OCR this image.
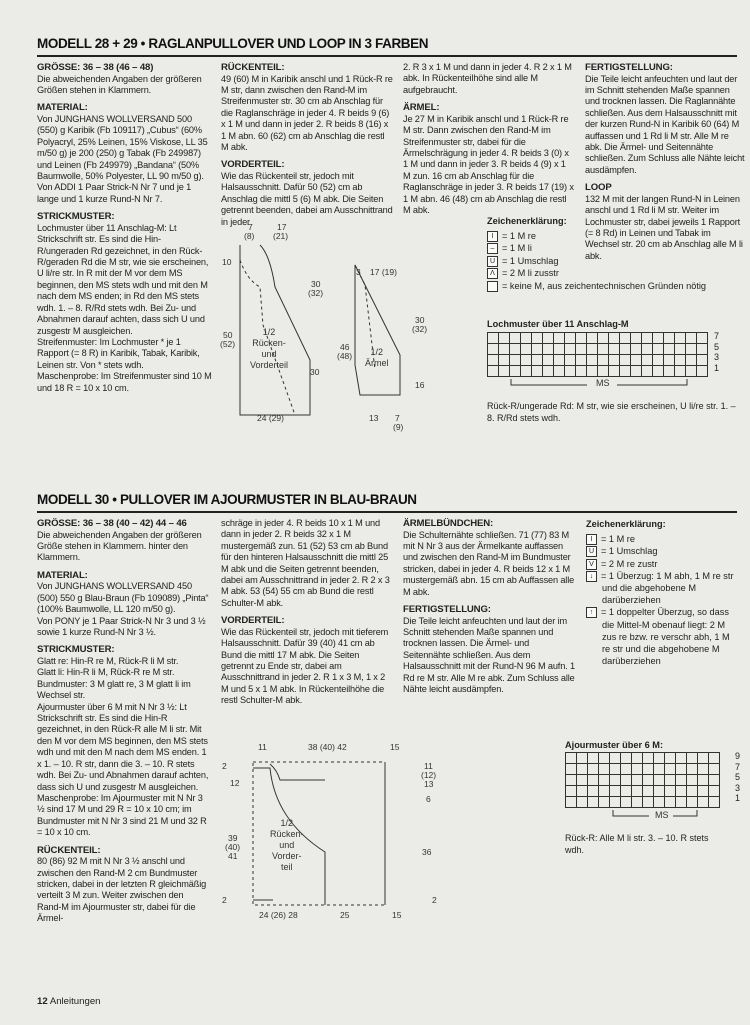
MODELL 28 + 29 • RAGLANPULLOVER UND LOOP IN 3 FARBEN
GRÖSSE: 36 – 38 (46 – 48)

Die abweichenden Angaben der größeren Größen stehen in Klammern.

MATERIAL:

Von JUNGHANS WOLLVERSAND 500 (550) g Karibik (Fb 109117) „Cubus“ (60% Polyacryl, 25% Leinen, 15% Viskose, LL 35 m/50 g) je 200 (250) g Tabak (Fb 249987) und Leinen (Fb 249979) „Bandana“ (50% Baumwolle, 50% Polyester, LL 90 m/50 g).

Von ADDI 1 Paar Strick-N Nr 7 und je 1 lange und 1 kurze Rund-N Nr 7.

STRICKMUSTER:

Lochmuster über 11 Anschlag-M: Lt Strickschrift str. Es sind die Hin-R/ungeraden Rd gezeichnet, in den Rück-R/geraden Rd die M str, wie sie erscheinen, U li/re str. In R mit der M vor dem MS beginnen, den MS stets wdh und mit den M nach dem MS enden; in Rd den MS stets wdh. 1. – 8. R/Rd stets wdh. Bei Zu- und Abnahmen darauf achten, dass sich U und zusgestr M ausgleichen.

Streifenmuster: Im Lochmuster * je 1 Rapport (= 8 R) in Karibik, Tabak, Karibik, Leinen str. Von * stets wdh.

Maschenprobe: Im Streifenmuster sind 10 M und 18 R = 10 x 10 cm.

RÜCKENTEIL:

49 (60) M in Karibik anschl und 1 Rück-R re M str, dann zwischen den Rand-M im Streifenmuster str. 30 cm ab Anschlag für die Raglanschräge in jeder 4. R beids 9 (6) x 1 M und dann in jeder 2. R beids 8 (16) x 1 M abn. 60 (62) cm ab Anschlag die restl M abk.

VORDERTEIL:

Wie das Rückenteil str, jedoch mit Halsausschnitt. Dafür 50 (52) cm ab Anschlag die mittl 5 (6) M abk. Die Seiten getrennt beenden, dabei am Ausschnittrand in jeder

2. R 3 x 1 M und dann in jeder 4. R 2 x 1 M abk. In Rückenteilhöhe sind alle M aufgebraucht.

ÄRMEL:

Je 27 M in Karibik anschl und 1 Rück-R re M str. Dann zwischen den Rand-M im Streifenmuster str, dabei für die Ärmelschrägung in jeder 4. R beids 3 (0) x 1 M und dann in jeder 3. R beids 4 (9) x 1 M zun. 16 cm ab Anschlag für die Raglanschräge in jeder 3. R beids 17 (19) x 1 M abn. 46 (48) cm ab Anschlag die restl M abk.

FERTIGSTELLUNG:

Die Teile leicht anfeuchten und laut der im Schnitt stehenden Maße spannen und trocknen lassen. Die Raglannähte schließen. Aus dem Halsausschnitt mit der kurzen Rund-N in Karibik 60 (64) M auffassen und 1 Rd li M str. Alle M re abk. Die Ärmel- und Seitennähte schließen. Zum Schluss alle Nähte leicht ausdämpfen.

LOOP

132 M mit der langen Rund-N in Leinen anschl und 1 Rd li M str. Weiter im Lochmuster str, dabei jeweils 1 Rapport (= 8 Rd) in Leinen und Tabak im Wechsel str. 20 cm ab Anschlag alle M li abk.

7
(8)
17
(21)
10
30
(32)
50
(52)
30
24 (29)
1/2
Rücken-
und
Vorderteil
3 17 (19)
46
(48)
30
(32)
16
13 7
(9)
1/2
Ärmel
Zeichenerklärung:
I = 1 M re
– = 1 M li
U = 1 Umschlag
Λ = 2 M li zusstr
= keine M, aus zeichentechnischen Gründen nötig
Lochmuster über 11 Anschlag-M

7
5
3
1
MS
Rück-R/ungerade Rd: M str, wie sie erscheinen, U li/re str. 1. – 8. R/Rd stets wdh.
MODELL 30 • PULLOVER IM AJOURMUSTER IN BLAU-BRAUN
GRÖSSE: 36 – 38 (40 – 42) 44 – 46

Die abweichenden Angaben der größeren Größe stehen in Klammern. hinter den Klammern.

MATERIAL:

Von JUNGHANS WOLLVERSAND 450 (500) 550 g Blau-Braun (Fb 109089) „Pinta“ (100% Baumwolle, LL 120 m/50 g).

Von PONY je 1 Paar Strick-N Nr 3 und 3 ½ sowie 1 kurze Rund-N Nr 3 ½.

STRICKMUSTER:

Glatt re: Hin-R re M, Rück-R li M str.

Glatt li: Hin-R li M, Rück-R re M str.

Bundmuster: 3 M glatt re, 3 M glatt li im Wechsel str.

Ajourmuster über 6 M mit N Nr 3 ½: Lt Strickschrift str. Es sind die Hin-R gezeichnet, in den Rück-R alle M li str. Mit den M vor dem MS beginnen, den MS stets wdh und mit den M nach dem MS enden. 1 x 1. – 10. R str, dann die 3. – 10. R stets wdh. Bei Zu- und Abnahmen darauf achten, dass sich U und zusgestr M ausgleichen.

Maschenprobe: Im Ajourmuster mit N Nr 3 ½ sind 17 M und 29 R = 10 x 10 cm; im Bundmuster mit N Nr 3 sind 21 M und 32 R = 10 x 10 cm.

RÜCKENTEIL:

80 (86) 92 M mit N Nr 3 ½ anschl und zwischen den Rand-M 2 cm Bundmuster stricken, dabei in der letzten R gleichmäßig verteilt 3 M zun. Weiter zwischen den Rand-M im Ajourmuster str, dabei für die Ärmel-

schräge in jeder 4. R beids 10 x 1 M und dann in jeder 2. R beids 32 x 1 M mustergemäß zun. 51 (52) 53 cm ab Bund für den hinteren Halsausschnitt die mittl 25 M abk und die Seiten getrennt beenden, dabei am Ausschnittrand in jeder 2. R 2 x 3 M abk. 53 (54) 55 cm ab Bund die restl Schulter-M abk.

VORDERTEIL:

Wie das Rückenteil str, jedoch mit tieferem Halsausschnitt. Dafür 39 (40) 41 cm ab Bund die mittl 17 M abk. Die Seiten getrennt zu Ende str, dabei am Ausschnittrand in jeder 2. R 1 x 3 M, 1 x 2 M und 5 x 1 M abk. In Rückenteilhöhe die restl Schulter-M abk.

ÄRMELBÜNDCHEN:

Die Schulternähte schließen. 71 (77) 83 M mit N Nr 3 aus der Ärmelkante auffassen und zwischen den Rand-M im Bundmuster stricken, dabei in jeder 4. R beids 12 x 1 M mustergemäß abn. 15 cm ab Auffassen alle M abk.

FERTIGSTELLUNG:

Die Teile leicht anfeuchten und laut der im Schnitt stehenden Maße spannen und trocknen lassen. Die Ärmel- und Seitennähte schließen. Aus dem Halsausschnitt mit der Rund-N 96 M aufn. 1 Rd re M str. Alle M re abk. Zum Schluss alle Nähte leicht ausdämpfen.

Zeichenerklärung:
I = 1 M re
U = 1 Umschlag
V = 2 M re zustr
↓ = 1 Überzug: 1 M abh, 1 M re str und die abgehobene M darüberziehen
↑ = 1 doppelter Überzug, so dass die Mittel-M obenauf liegt: 2 M zus re bzw. re verschr abh, 1 M re str und die abgehobene M darüberziehen
Ajourmuster über 6 M:

9
7
5
3
1
MS
Rück-R: Alle M li str. 3. – 10. R stets wdh.
11	38 (40) 42	15
2
12
11
(12)
13
6
39
(40)
41	36
2	2
24 (26) 28	25	15
1/2
Rücken-
und
Vorder-
teil
12 Anleitungen
